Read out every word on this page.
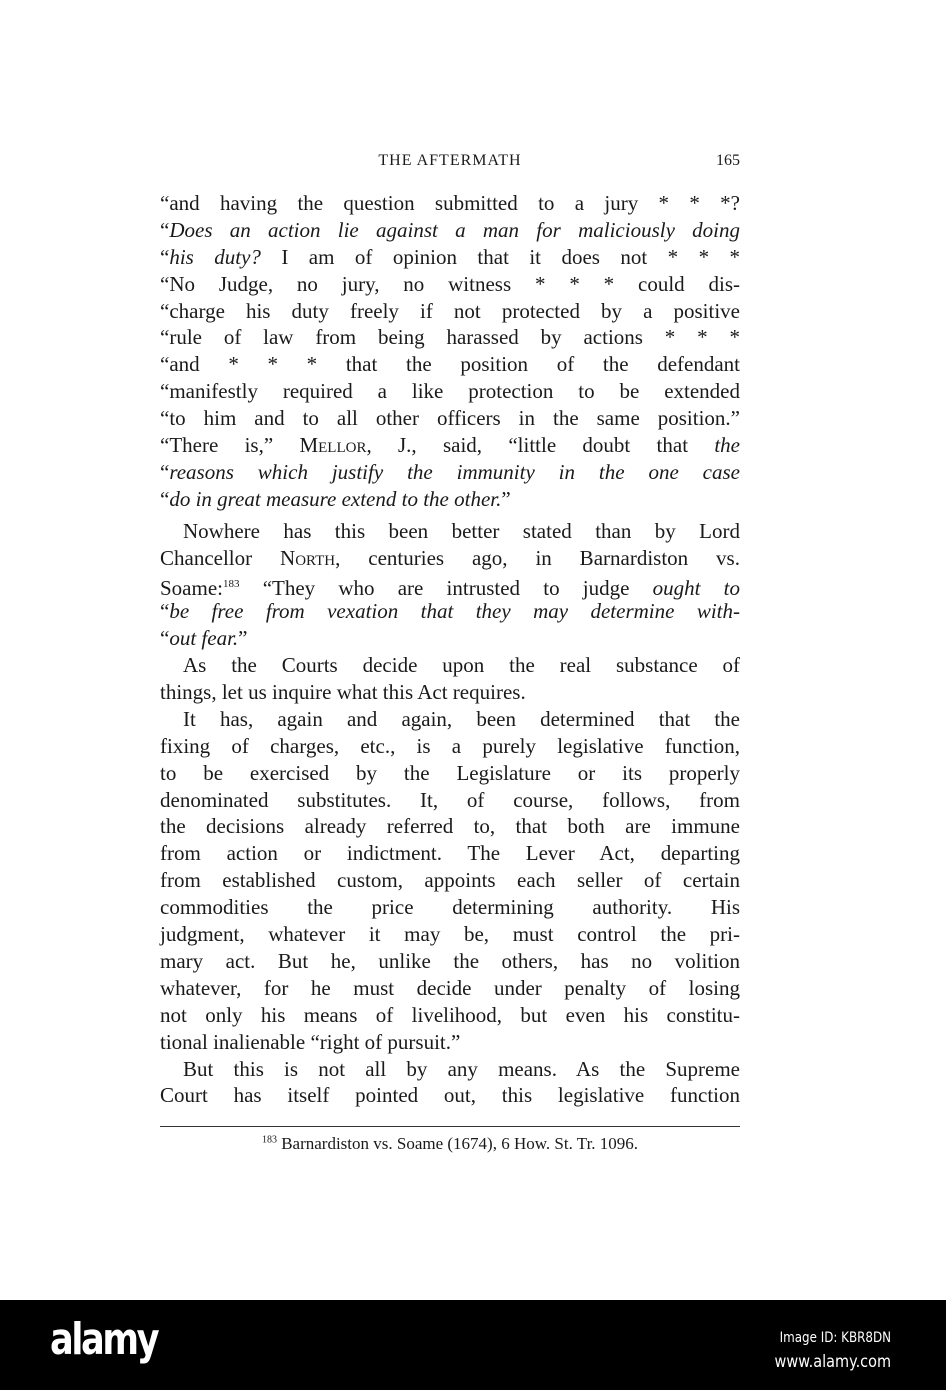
THE AFTERMATH	165
“and having the question submitted to a jury * * *?
“Does an action lie against a man for maliciously doing
“his duty? I am of opinion that it does not * * *
“No Judge, no jury, no witness * * * could dis-
“charge his duty freely if not protected by a positive
“rule of law from being harassed by actions * * *
“and * * * that the position of the defendant
“manifestly required a like protection to be extended
“to him and to all other officers in the same position.”
“There is,” Mellor, J., said, “little doubt that the
“reasons which justify the immunity in the one case
“do in great measure extend to the other.”
Nowhere has this been better stated than by Lord
Chancellor North, centuries ago, in Barnardiston vs.
Soame:$^{183}$ “They who are intrusted to judge ought to
“be free from vexation that they may determine with-
“out fear.”
As the Courts decide upon the real substance of
things, let us inquire what this Act requires.
It has, again and again, been determined that the
fixing of charges, etc., is a purely legislative function,
to be exercised by the Legislature or its properly
denominated substitutes. It, of course, follows, from
the decisions already referred to, that both are immune
from action or indictment. The Lever Act, departing
from established custom, appoints each seller of certain
commodities the price determining authority. His
judgment, whatever it may be, must control the pri-
mary act. But he, unlike the others, has no volition
whatever, for he must decide under penalty of losing
not only his means of livelihood, but even his constitu-
tional inalienable “right of pursuit.”
But this is not all by any means. As the Supreme
Court has itself pointed out, this legislative function
$^{183}$ Barnardiston vs. Soame (1674), 6 How. St. Tr. 1096.
alamy	Image ID: KBR8DN
www.alamy.com
